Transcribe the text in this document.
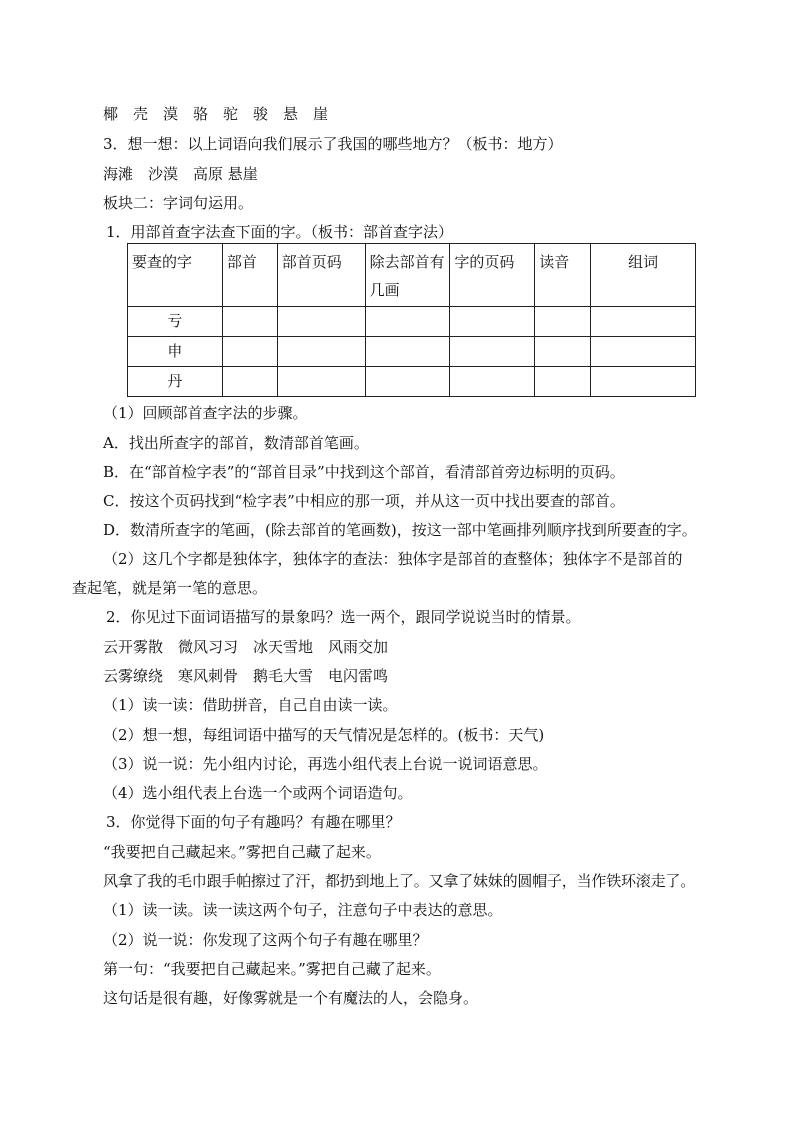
椰　壳　漠　骆　驼　骏　悬　崖
3．想一想：以上词语向我们展示了我国的哪些地方？（板书：地方）
海滩　沙漠　高原 悬崖
板块二：字词句运用。
1．用部首查字法查下面的字。（板书：部首查字法）
要查的字	部首	部首页码	除去部首有几画	字的页码	读音	组词
亏						
申						
丹						
（1）回顾部首查字法的步骤。
A．找出所查字的部首，数清部首笔画。
B．在“部首检字表”的“部首目录”中找到这个部首，看清部首旁边标明的页码。
C．按这个页码找到“检字表”中相应的那一项，并从这一页中找出要查的部首。
D．数清所查字的笔画，(除去部首的笔画数)，按这一部中笔画排列顺序找到所要查的字。
（2）这几个字都是独体字，独体字的查法：独体字是部首的查整体；独体字不是部首的
查起笔，就是第一笔的意思。
2．你见过下面词语描写的景象吗？选一两个，跟同学说说当时的情景。
云开雾散　微风习习　冰天雪地　风雨交加
云雾缭绕　寒风刺骨　鹅毛大雪　电闪雷鸣
（1）读一读：借助拼音，自己自由读一读。
（2）想一想，每组词语中描写的天气情况是怎样的。(板书：天气)
（3）说一说：先小组内讨论，再选小组代表上台说一说词语意思。
（4）选小组代表上台选一个或两个词语造句。
3．你觉得下面的句子有趣吗？有趣在哪里？
“我要把自己藏起来。”雾把自己藏了起来。
风拿了我的毛巾跟手帕擦过了汗，都扔到地上了。又拿了妹妹的圆帽子，当作铁环滚走了。
（1）读一读。读一读这两个句子，注意句子中表达的意思。
（2）说一说：你发现了这两个句子有趣在哪里？
第一句：“我要把自己藏起来。”雾把自己藏了起来。
这句话是很有趣，好像雾就是一个有魔法的人，会隐身。
